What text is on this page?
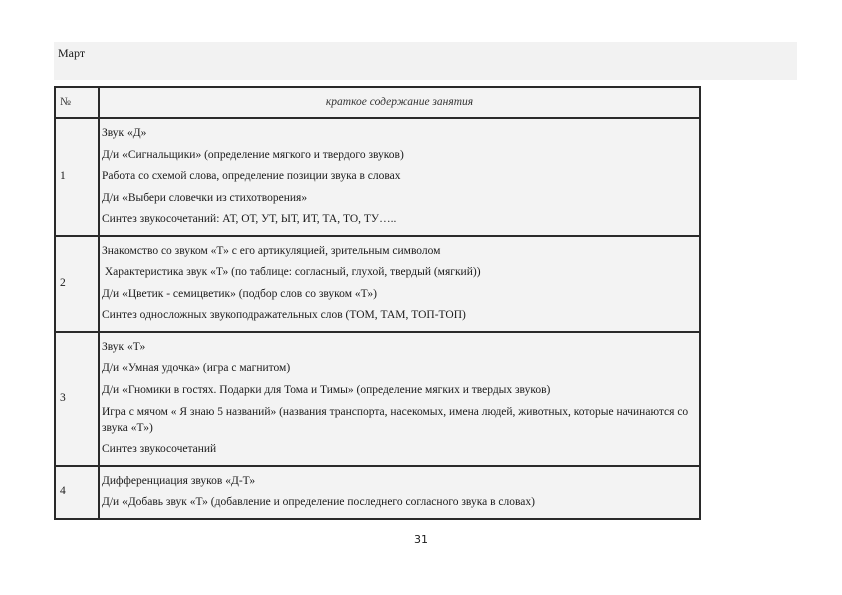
Март
№	краткое содержание занятия
1	Звук «Д»
Д/и «Сигнальщики» (определение мягкого и твердого звуков)
Работа со схемой слова, определение позиции звука в словах
Д/и «Выбери словечки из стихотворения»
Синтез звукосочетаний: АТ, ОТ, УТ, ЫТ, ИТ, ТА, ТО, ТУ…..

2	Знакомство со звуком «Т» с его артикуляцией, зрительным символом
Характеристика звук «Т» (по таблице: согласный, глухой, твердый (мягкий))
Д/и «Цветик - семицветик» (подбор слов со звуком «Т»)
Синтез односложных звукоподражательных слов (ТОМ, ТАМ, ТОП-ТОП)

3	Звук «Т»
Д/и «Умная удочка» (игра с магнитом)
Д/и «Гномики в гостях. Подарки для Тома и Тимы» (определение мягких и твердых звуков)
Игра с мячом « Я знаю 5 названий» (названия транспорта, насекомых, имена людей, животных, которые начинаются со звука «Т»)
Синтез звукосочетаний

4	Дифференциация звуков «Д-Т»
Д/и «Добавь звук «Т» (добавление и определение последнего согласного звука в словах)
31
